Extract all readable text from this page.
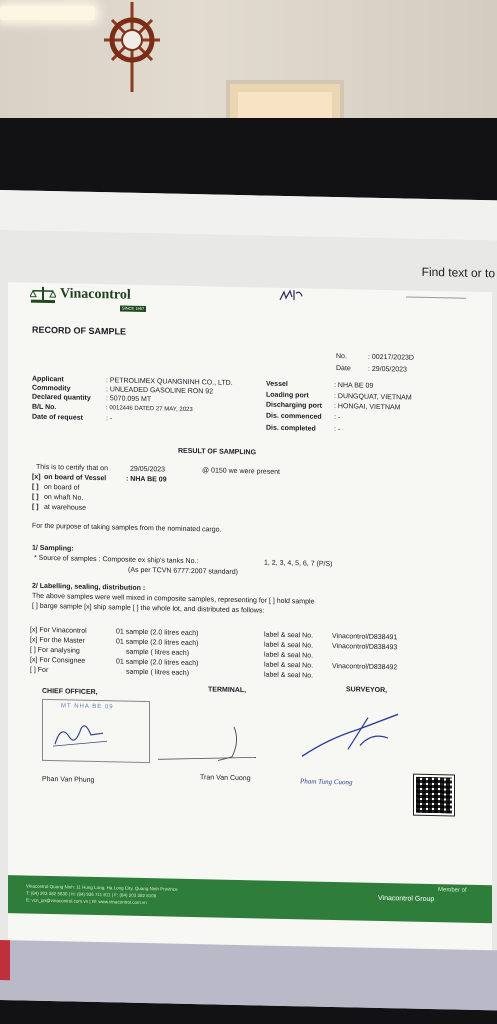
Find text or to
Vinacontrol
SINCE 1957
RECORD OF SAMPLE
No.	: 00217/2023D
Date : 29/05/2023
Applicant	: PETROLIMEX QUANGNINH CO., LTD.
Commodity	: UNLEADED GASOLINE RON 92
Declared quantity : 5070.095 MT
B/L No.	: 0012446 DATED 27 MAY, 2023
Date of request	: -
Vessel	: NHA BE 09
Loading port	: DUNGQUAT, VIETNAM
Discharging port : HONGAI, VIETNAM
Dis. commenced : -
Dis. completed	: -
RESULT OF SAMPLING
This is to certify that on	29/05/2023	@ 0150 we were present
[x] on board of Vessel	: NHA BE 09
[ ] on board of
[ ] on whaft No.
[ ] at warehouse
For the purpose of taking samples from the nominated cargo.
1/ Sampling:
* Source of samples : Composite ex ship's tanks No.:	1, 2, 3, 4, 5, 6, 7 (P/S)
(As per TCVN 6777:2007 standard)
2/ Labelling, sealing, distribution :
The above samples were well mixed in composite samples, representing for [ ] hold sample
[ ] barge sample [x] ship sample [ ] the whole lot, and distributed as follows:
[x] For Vinacontrol	01 sample (2.0 litres each)	label & seal No.	Vinacontrol/D838491
[x] For the Master	01 sample (2.0 litres each)	label & seal No.	Vinacontrol/D838493
[ ] For analysing	sample ( litres each)	label & seal No.
[x] For Consignee	01 sample (2.0 litres each)	label & seal No.	Vinacontrol/D838492
[ ] For	sample ( litres each)	label & seal No.
CHIEF OFFICER,	TERMINAL,	SURVEYOR,
MT NHA BE 09
Phan Van Phung	Tran Van Cuong	Pham Tung Cuong
Vinacontrol Quang Ninh: 11 Hung Long, Ha Long City, Quang Ninh Province
T: (84) 203 382 5630 | H: (84) 936 711 811 | F: (84) 203 382 8108
E: vcn_qn@vinacontrol.com.vn | W: www.vinacontrol.com.vn
Member of
Vinacontrol Group
